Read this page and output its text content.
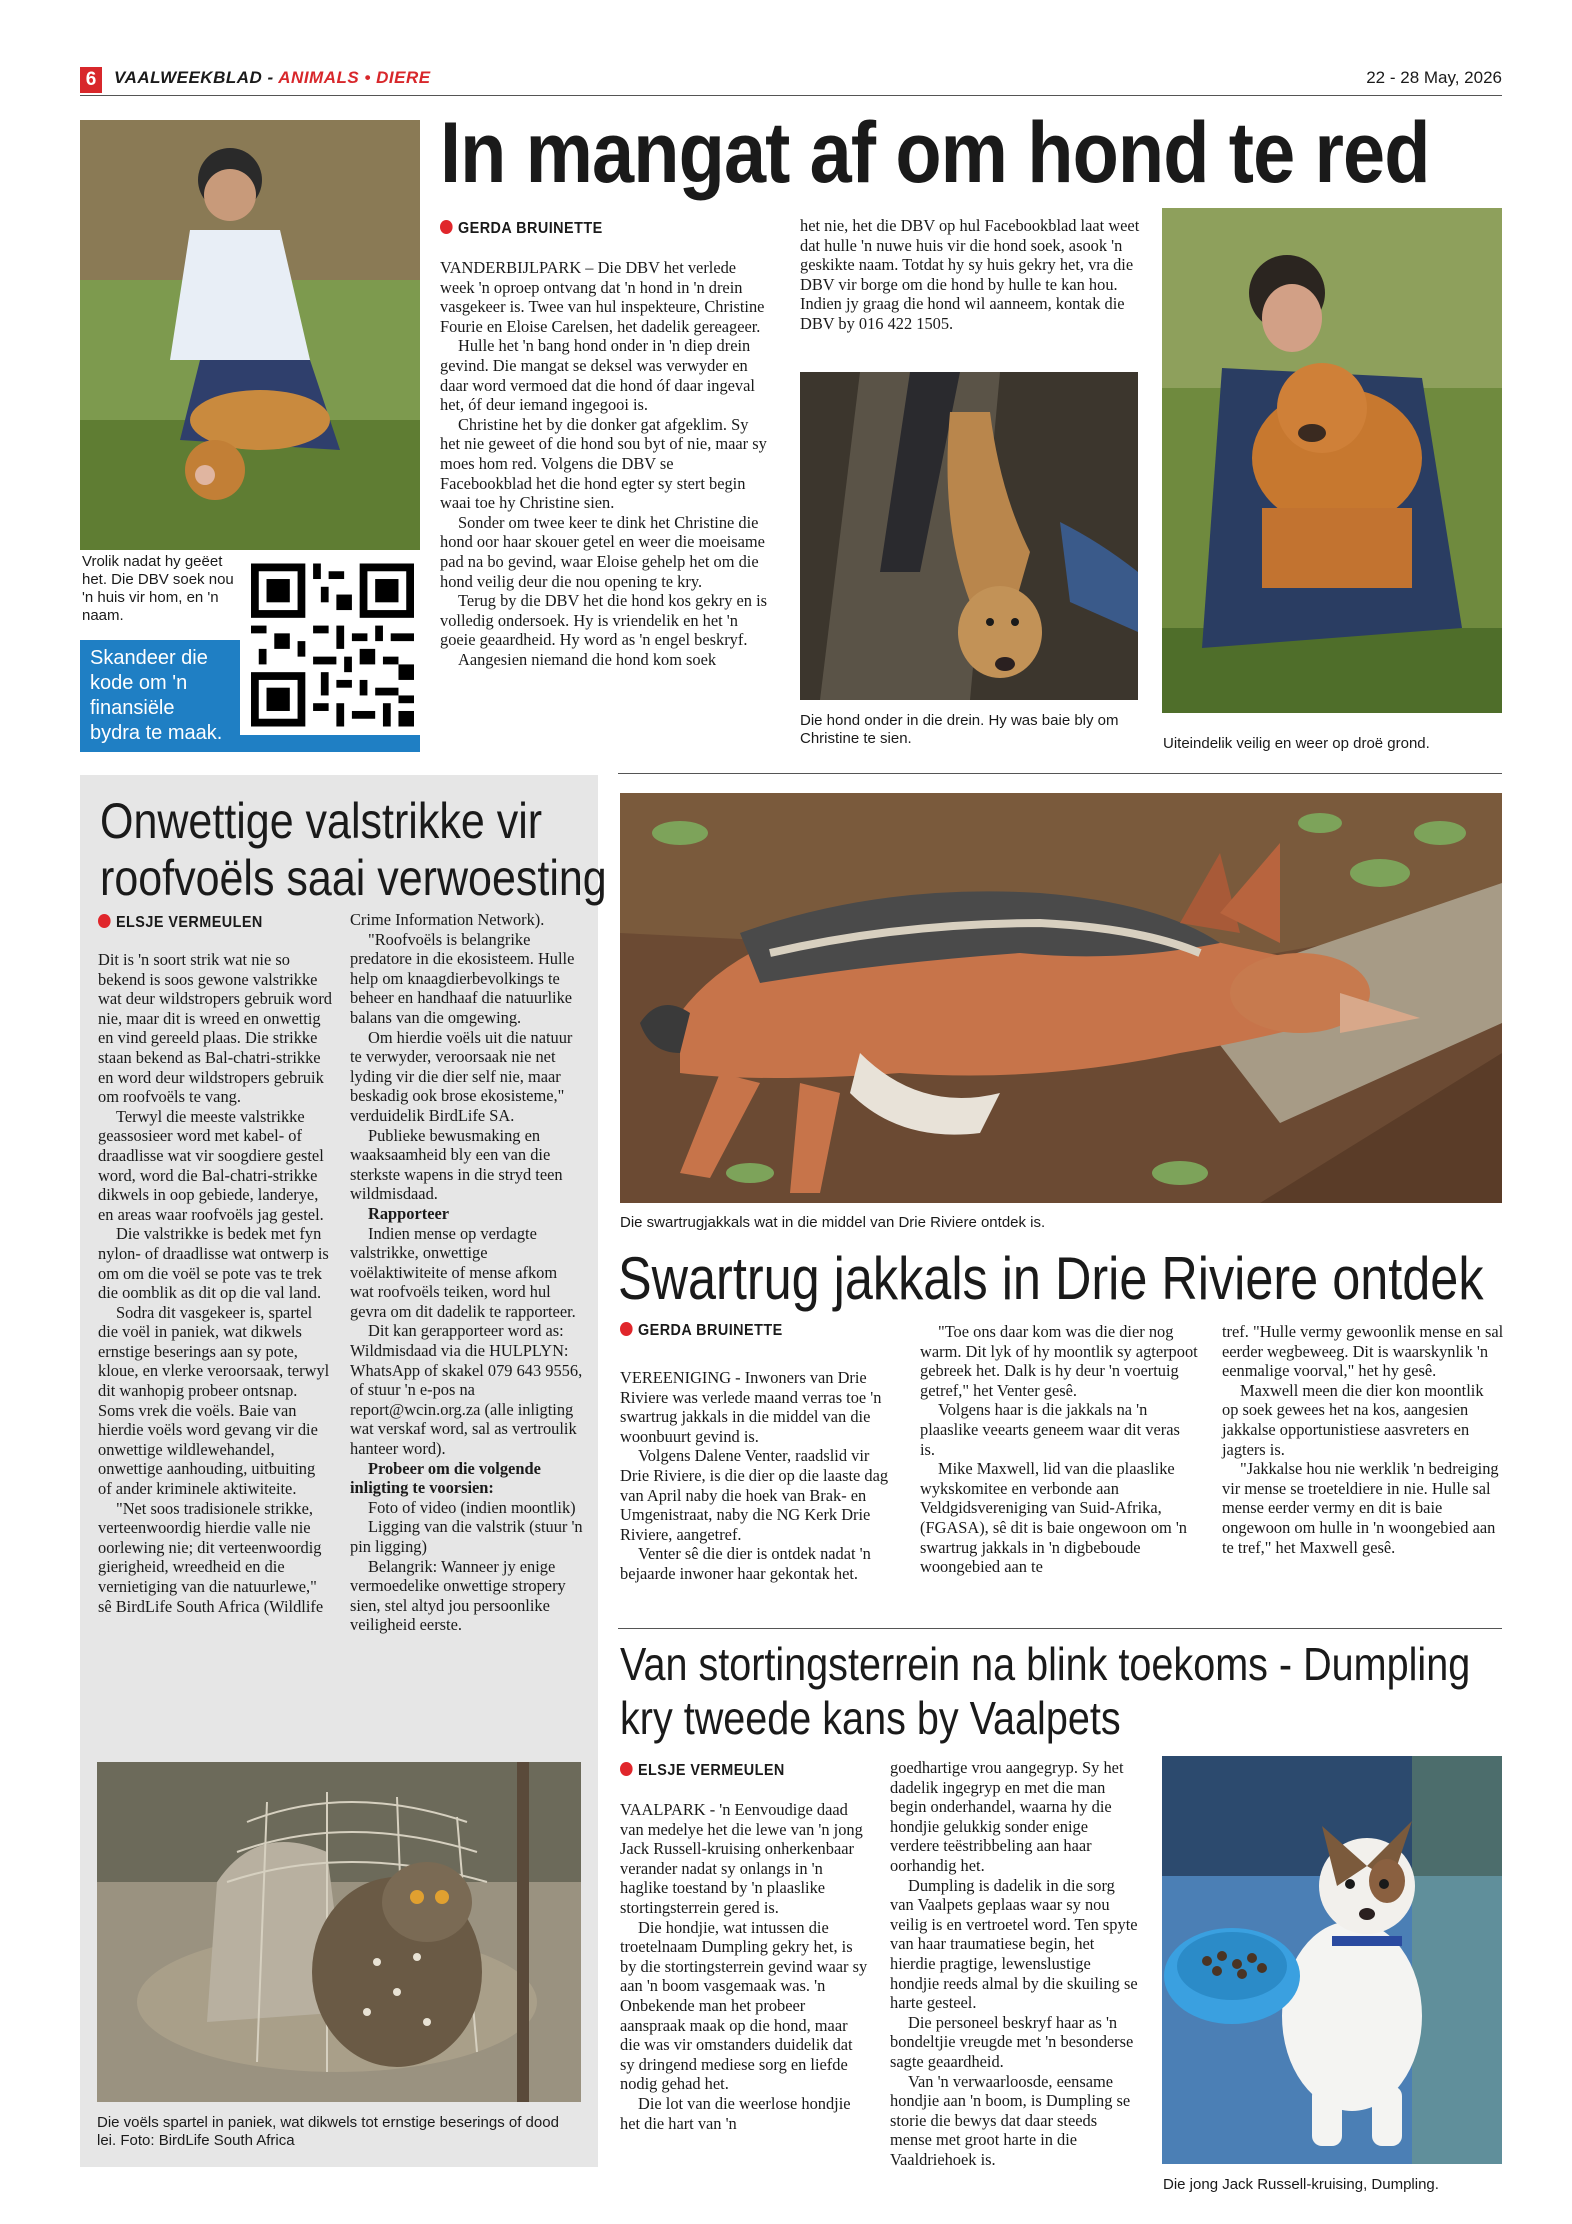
6	VAALWEEKBLAD - ANIMALS • DIERE	22 - 28 May, 2026
In mangat af om hond te red
Vrolik nadat hy geëet het. Die DBV soek nou 'n huis vir hom, en 'n naam.
Skandeer die kode om 'n finansiële bydra te maak.
GERDA BRUINETTE

VANDERBIJLPARK – Die DBV het verlede week 'n oproep ontvang dat 'n hond in 'n drein vasgekeer is. Twee van hul inspekteure, Christine Fourie en Eloise Carelsen, het dadelik gereageer.

Hulle het 'n bang hond onder in 'n diep drein gevind. Die mangat se deksel was verwyder en daar word vermoed dat die hond óf daar ingeval het, óf deur iemand ingegooi is.

Christine het by die donker gat afgeklim. Sy het nie geweet of die hond sou byt of nie, maar sy moes hom red. Volgens die DBV se Facebookblad het die hond egter sy stert begin waai toe hy Christine sien.

Sonder om twee keer te dink het Christine die hond oor haar skouer getel en weer die moeisame pad na bo gevind, waar Eloise gehelp het om die hond veilig deur die nou opening te kry.

Terug by die DBV het die hond kos gekry en is volledig ondersoek. Hy is vriendelik en het 'n goeie geaardheid. Hy word as 'n engel beskryf.

Aangesien niemand die hond kom soek

het nie, het die DBV op hul Facebookblad laat weet dat hulle 'n nuwe huis vir die hond soek, asook 'n geskikte naam. Totdat hy sy huis gekry het, vra die DBV vir borge om die hond by hulle te kan hou. Indien jy graag die hond wil aanneem, kontak die DBV by 016 422 1505.

Die hond onder in die drein. Hy was baie bly om Christine te sien.	Uiteindelik veilig en weer op droë grond.
Onwettige valstrikke vir
roofvoëls saai verwoesting
ELSJE VERMEULEN

Dit is 'n soort strik wat nie so bekend is soos gewone valstrikke wat deur wildstropers gebruik word nie, maar dit is wreed en onwettig en vind gereeld plaas. Die strikke staan bekend as Bal-chatri-strikke en word deur wildstropers gebruik om roofvoëls te vang.

Terwyl die meeste valstrikke geassosieer word met kabel- of draadlisse wat vir soogdiere gestel word, word die Bal-chatri-strikke dikwels in oop gebiede, landerye, en areas waar roofvoëls jag gestel.

Die valstrikke is bedek met fyn nylon- of draadlisse wat ontwerp is om om die voël se pote vas te trek die oomblik as dit op die val land.

Sodra dit vasgekeer is, spartel die voël in paniek, wat dikwels ernstige beserings aan sy pote, kloue, en vlerke veroorsaak, terwyl dit wanhopig probeer ontsnap. Soms vrek die voëls. Baie van hierdie voëls word gevang vir die onwettige wildlewehandel, onwettige aanhouding, uitbuiting of ander kriminele aktiwiteite.

"Net soos tradisionele strikke, verteenwoordig hierdie valle nie oorlewing nie; dit verteenwoordig gierigheid, wreedheid en die vernietiging van die natuurlewe," sê BirdLife South Africa (Wildlife

Crime Information Network).

"Roofvoëls is belangrike predatore in die ekosisteem. Hulle help om knaagdierbevolkings te beheer en handhaaf die natuurlike balans van die omgewing.

Om hierdie voëls uit die natuur te verwyder, veroorsaak nie net lyding vir die dier self nie, maar beskadig ook brose ekosisteme," verduidelik BirdLife SA.

Publieke bewusmaking en waaksaamheid bly een van die sterkste wapens in die stryd teen wildmisdaad.

Rapporteer

Indien mense op verdagte valstrikke, onwettige voëlaktiwiteite of mense afkom wat roofvoëls teiken, word hul gevra om dit dadelik te rapporteer.

Dit kan gerapporteer word as: Wildmisdaad via die HULPLYN: WhatsApp of skakel 079 643 9556, of stuur 'n e-pos na report@wcin.org.za (alle inligting wat verskaf word, sal as vertroulik hanteer word).

Probeer om die volgende inligting te voorsien:

Foto of video (indien moontlik)

Ligging van die valstrik (stuur 'n pin ligging)

Belangrik: Wanneer jy enige vermoedelike onwettige stropery sien, stel altyd jou persoonlike veiligheid eerste.

Die voëls spartel in paniek, wat dikwels tot ernstige beserings of dood lei. Foto: BirdLife South Africa
Die swartrugjakkals wat in die middel van Drie Riviere ontdek is.
Swartrug jakkals in Drie Riviere ontdek
GERDA BRUINETTE

VEREENIGING - Inwoners van Drie Riviere was verlede maand verras toe 'n swartrug jakkals in die middel van die woonbuurt gevind is.

Volgens Dalene Venter, raadslid vir Drie Riviere, is die dier op die laaste dag van April naby die hoek van Brak- en Umgenistraat, naby die NG Kerk Drie Riviere, aangetref.

Venter sê die dier is ontdek nadat 'n bejaarde inwoner haar gekontak het.

"Toe ons daar kom was die dier nog warm. Dit lyk of hy moontlik sy agterpoot gebreek het. Dalk is hy deur 'n voertuig getref," het Venter gesê.

Volgens haar is die jakkals na 'n plaaslike veearts geneem waar dit veras is.

Mike Maxwell, lid van die plaaslike wykskomitee en verbonde aan Veldgidsvereniging van Suid-Afrika, (FGASA), sê dit is baie ongewoon om 'n swartrug jakkals in 'n digbeboude woongebied aan te

tref. "Hulle vermy gewoonlik mense en sal eerder wegbeweeg. Dit is waarskynlik 'n eenmalige voorval," het hy gesê.

Maxwell meen die dier kon moontlik op soek gewees het na kos, aangesien jakkalse opportunistiese aasvreters en jagters is.

"Jakkalse hou nie werklik 'n bedreiging vir mense se troeteldiere in nie. Hulle sal mense eerder vermy en dit is baie ongewoon om hulle in 'n woongebied aan te tref," het Maxwell gesê.

Van stortingsterrein na blink toekoms - Dumpling
kry tweede kans by Vaalpets
ELSJE VERMEULEN

VAALPARK - 'n Eenvoudige daad van medelye het die lewe van 'n jong Jack Russell-kruising onherkenbaar verander nadat sy onlangs in 'n haglike toestand by 'n plaaslike stortingsterrein gered is.

Die hondjie, wat intussen die troetelnaam Dumpling gekry het, is by die stortingsterrein gevind waar sy aan 'n boom vasgemaak was. 'n Onbekende man het probeer aanspraak maak op die hond, maar die was vir omstanders duidelik dat sy dringend mediese sorg en liefde nodig gehad het.

Die lot van die weerlose hondjie het die hart van 'n

goedhartige vrou aangegryp. Sy het dadelik ingegryp en met die man begin onderhandel, waarna hy die hondjie gelukkig sonder enige verdere teëstribbeling aan haar oorhandig het.

Dumpling is dadelik in die sorg van Vaalpets geplaas waar sy nou veilig is en vertroetel word. Ten spyte van haar traumatiese begin, het hierdie pragtige, lewenslustige hondjie reeds almal by die skuiling se harte gesteel.

Die personeel beskryf haar as 'n bondeltjie vreugde met 'n besonderse sagte geaardheid.

Van 'n verwaarloosde, eensame hondjie aan 'n boom, is Dumpling se storie die bewys dat daar steeds mense met groot harte in die Vaaldriehoek is.

Die jong Jack Russell-kruising, Dumpling.
